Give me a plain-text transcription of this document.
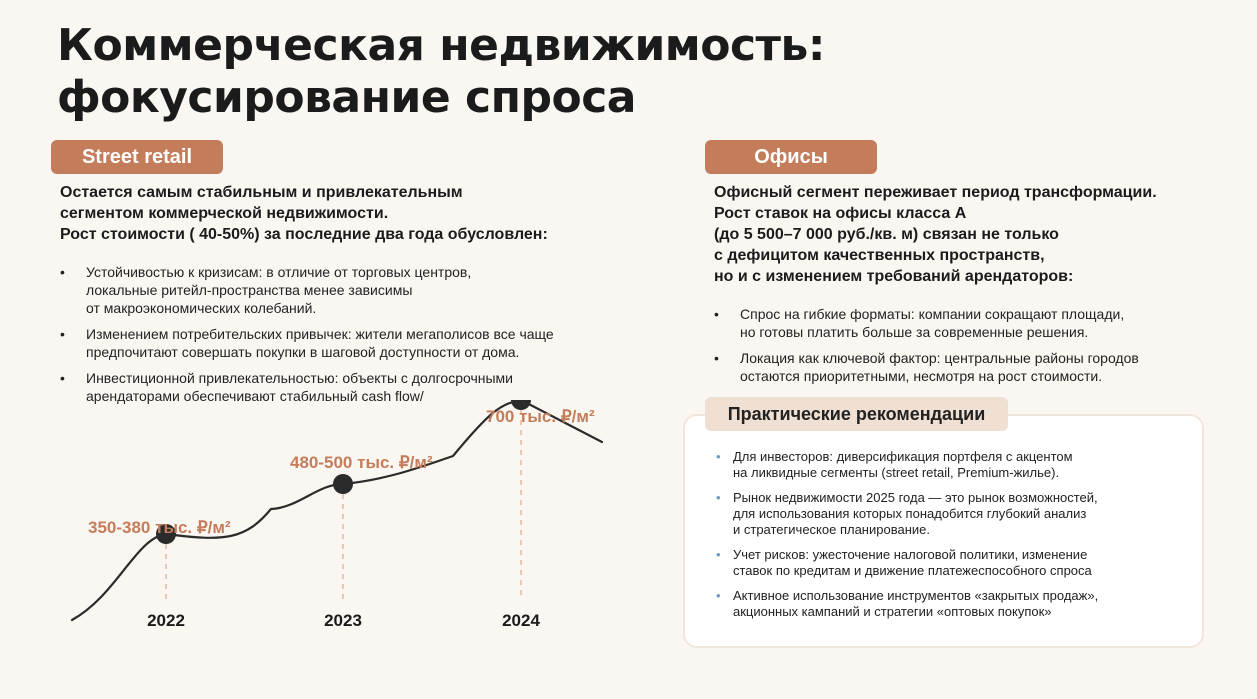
Коммерческая недвижимость:
фокусирование спроса
Street retail
Остается самым стабильным и привлекательным
сегментом коммерческой недвижимости.
Рост стоимости ( 40-50%) за последние два года обусловлен:
• Устойчивостью к кризисам: в отличие от торговых центров,
локальные ритейл-пространства менее зависимы
от макроэкономических колебаний.
• Изменением потребительских привычек: жители мегаполисов все чаще
предпочитают совершать покупки в шаговой доступности от дома.
• Инвестиционной привлекательностью: объекты с долгосрочными
арендаторами обеспечивают стабильный cash flow/
350-380 тыс. ₽/м²
2022
480-500 тыс. ₽/м²
2023
700 тыс. ₽/м²
2024
Офисы
Офисный сегмент переживает период трансформации.
Рост ставок на офисы класса А
(до 5 500–7 000 руб./кв. м) связан не только
с дефицитом качественных пространств,
но и с изменением требований арендаторов:
• Спрос на гибкие форматы: компании сокращают площади,
но готовы платить больше за современные решения.
• Локация как ключевой фактор: центральные районы городов
остаются приоритетными, несмотря на рост стоимости.
Практические рекомендации
• Для инвесторов: диверсификация портфеля с акцентом
на ликвидные сегменты (street retail, Premium-жилье).
• Рынок недвижимости 2025 года — это рынок возможностей,
для использования которых понадобится глубокий анализ
и стратегическое планирование.
• Учет рисков: ужесточение налоговой политики, изменение
ставок по кредитам и движение платежеспособного спроса
• Активное использование инструментов «закрытых продаж»,
акционных кампаний и стратегии «оптовых покупок»
